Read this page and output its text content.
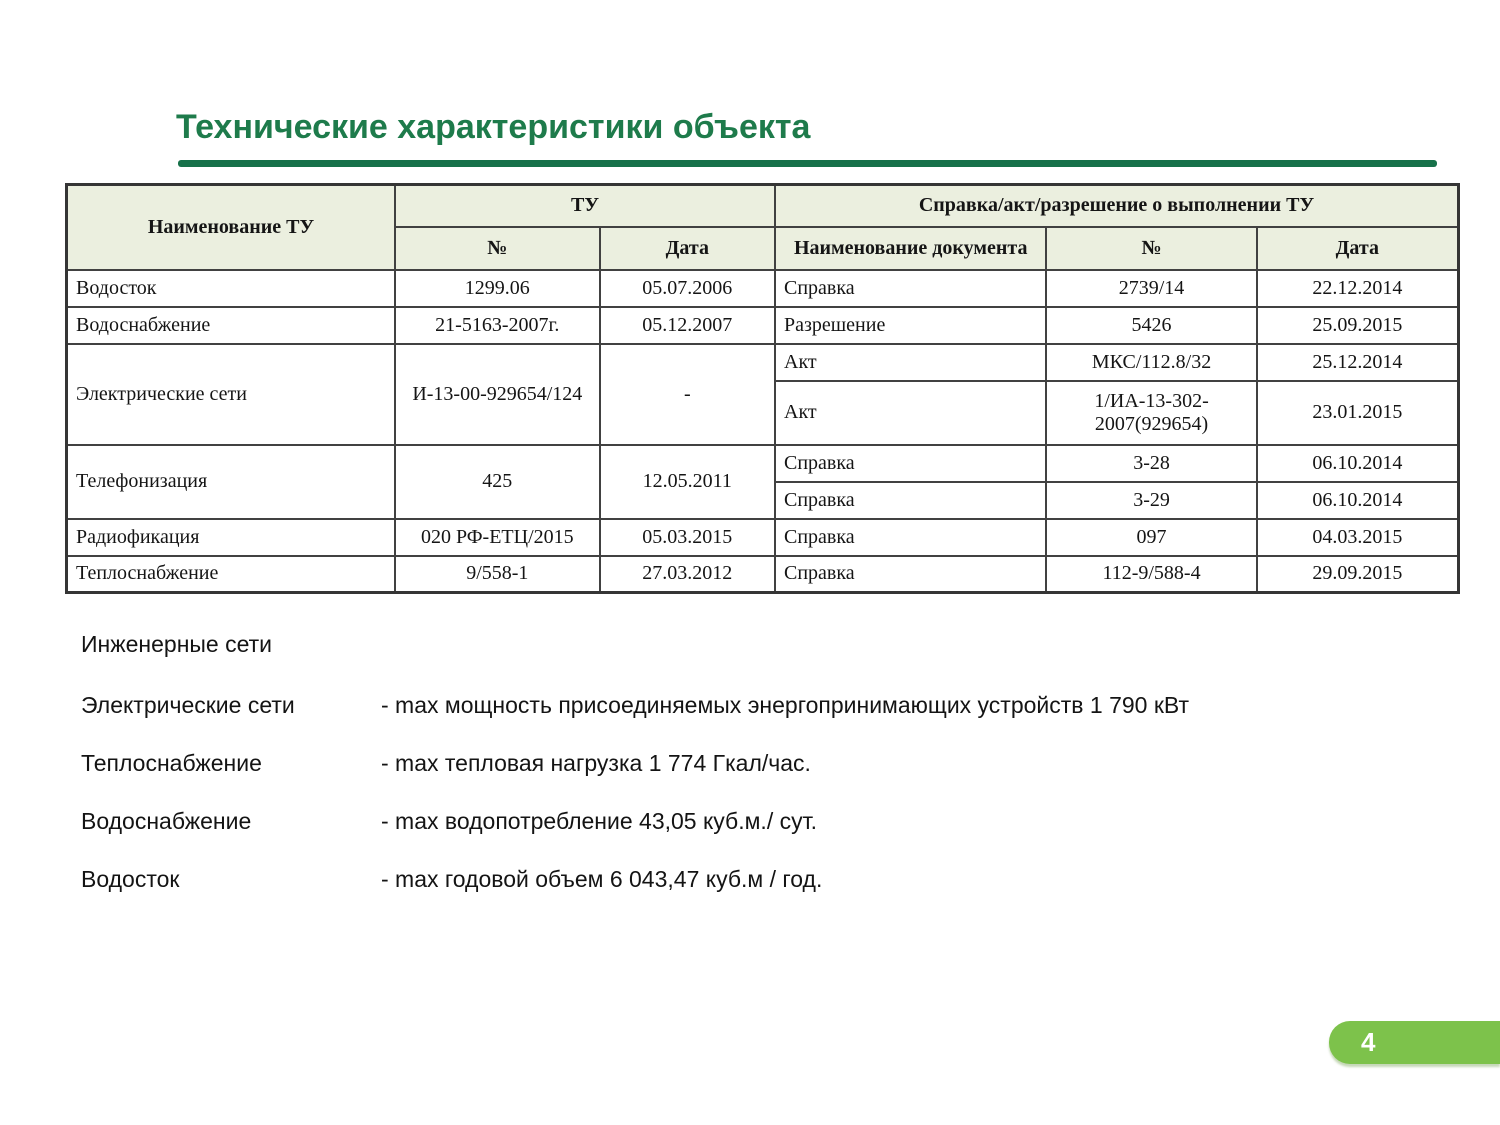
Технические характеристики объекта
Наименование ТУ	ТУ		Справка/акт/разрешение о выполнении ТУ		
	№	Дата	Наименование документа	№	Дата
Водосток	1299.06	05.07.2006	Справка	2739/14	22.12.2014
Водоснабжение	21-5163-2007г.	05.12.2007	Разрешение	5426	25.09.2015
Электрические сети	И-13-00-929654/124	-	Акт	МКС/112.8/32	25.12.2014
			Акт	1/ИА-13-302-2007(929654)	23.01.2015
Телефонизация	425	12.05.2011	Справка	3-28	06.10.2014
			Справка	3-29	06.10.2014
Радиофикация	020 РФ-ЕТЦ/2015	05.03.2015	Справка	097	04.03.2015
Теплоснабжение	9/558-1	27.03.2012	Справка	112-9/588-4	29.09.2015
Инженерные сети
Электрические сети	- max мощность присоединяемых энергопринимающих устройств 1 790 кВт
Теплоснабжение	- max тепловая нагрузка 1 774 Гкал/час.
Водоснабжение	- max водопотребление 43,05 куб.м./ сут.
Водосток	- max годовой объем 6 043,47 куб.м / год.
4
